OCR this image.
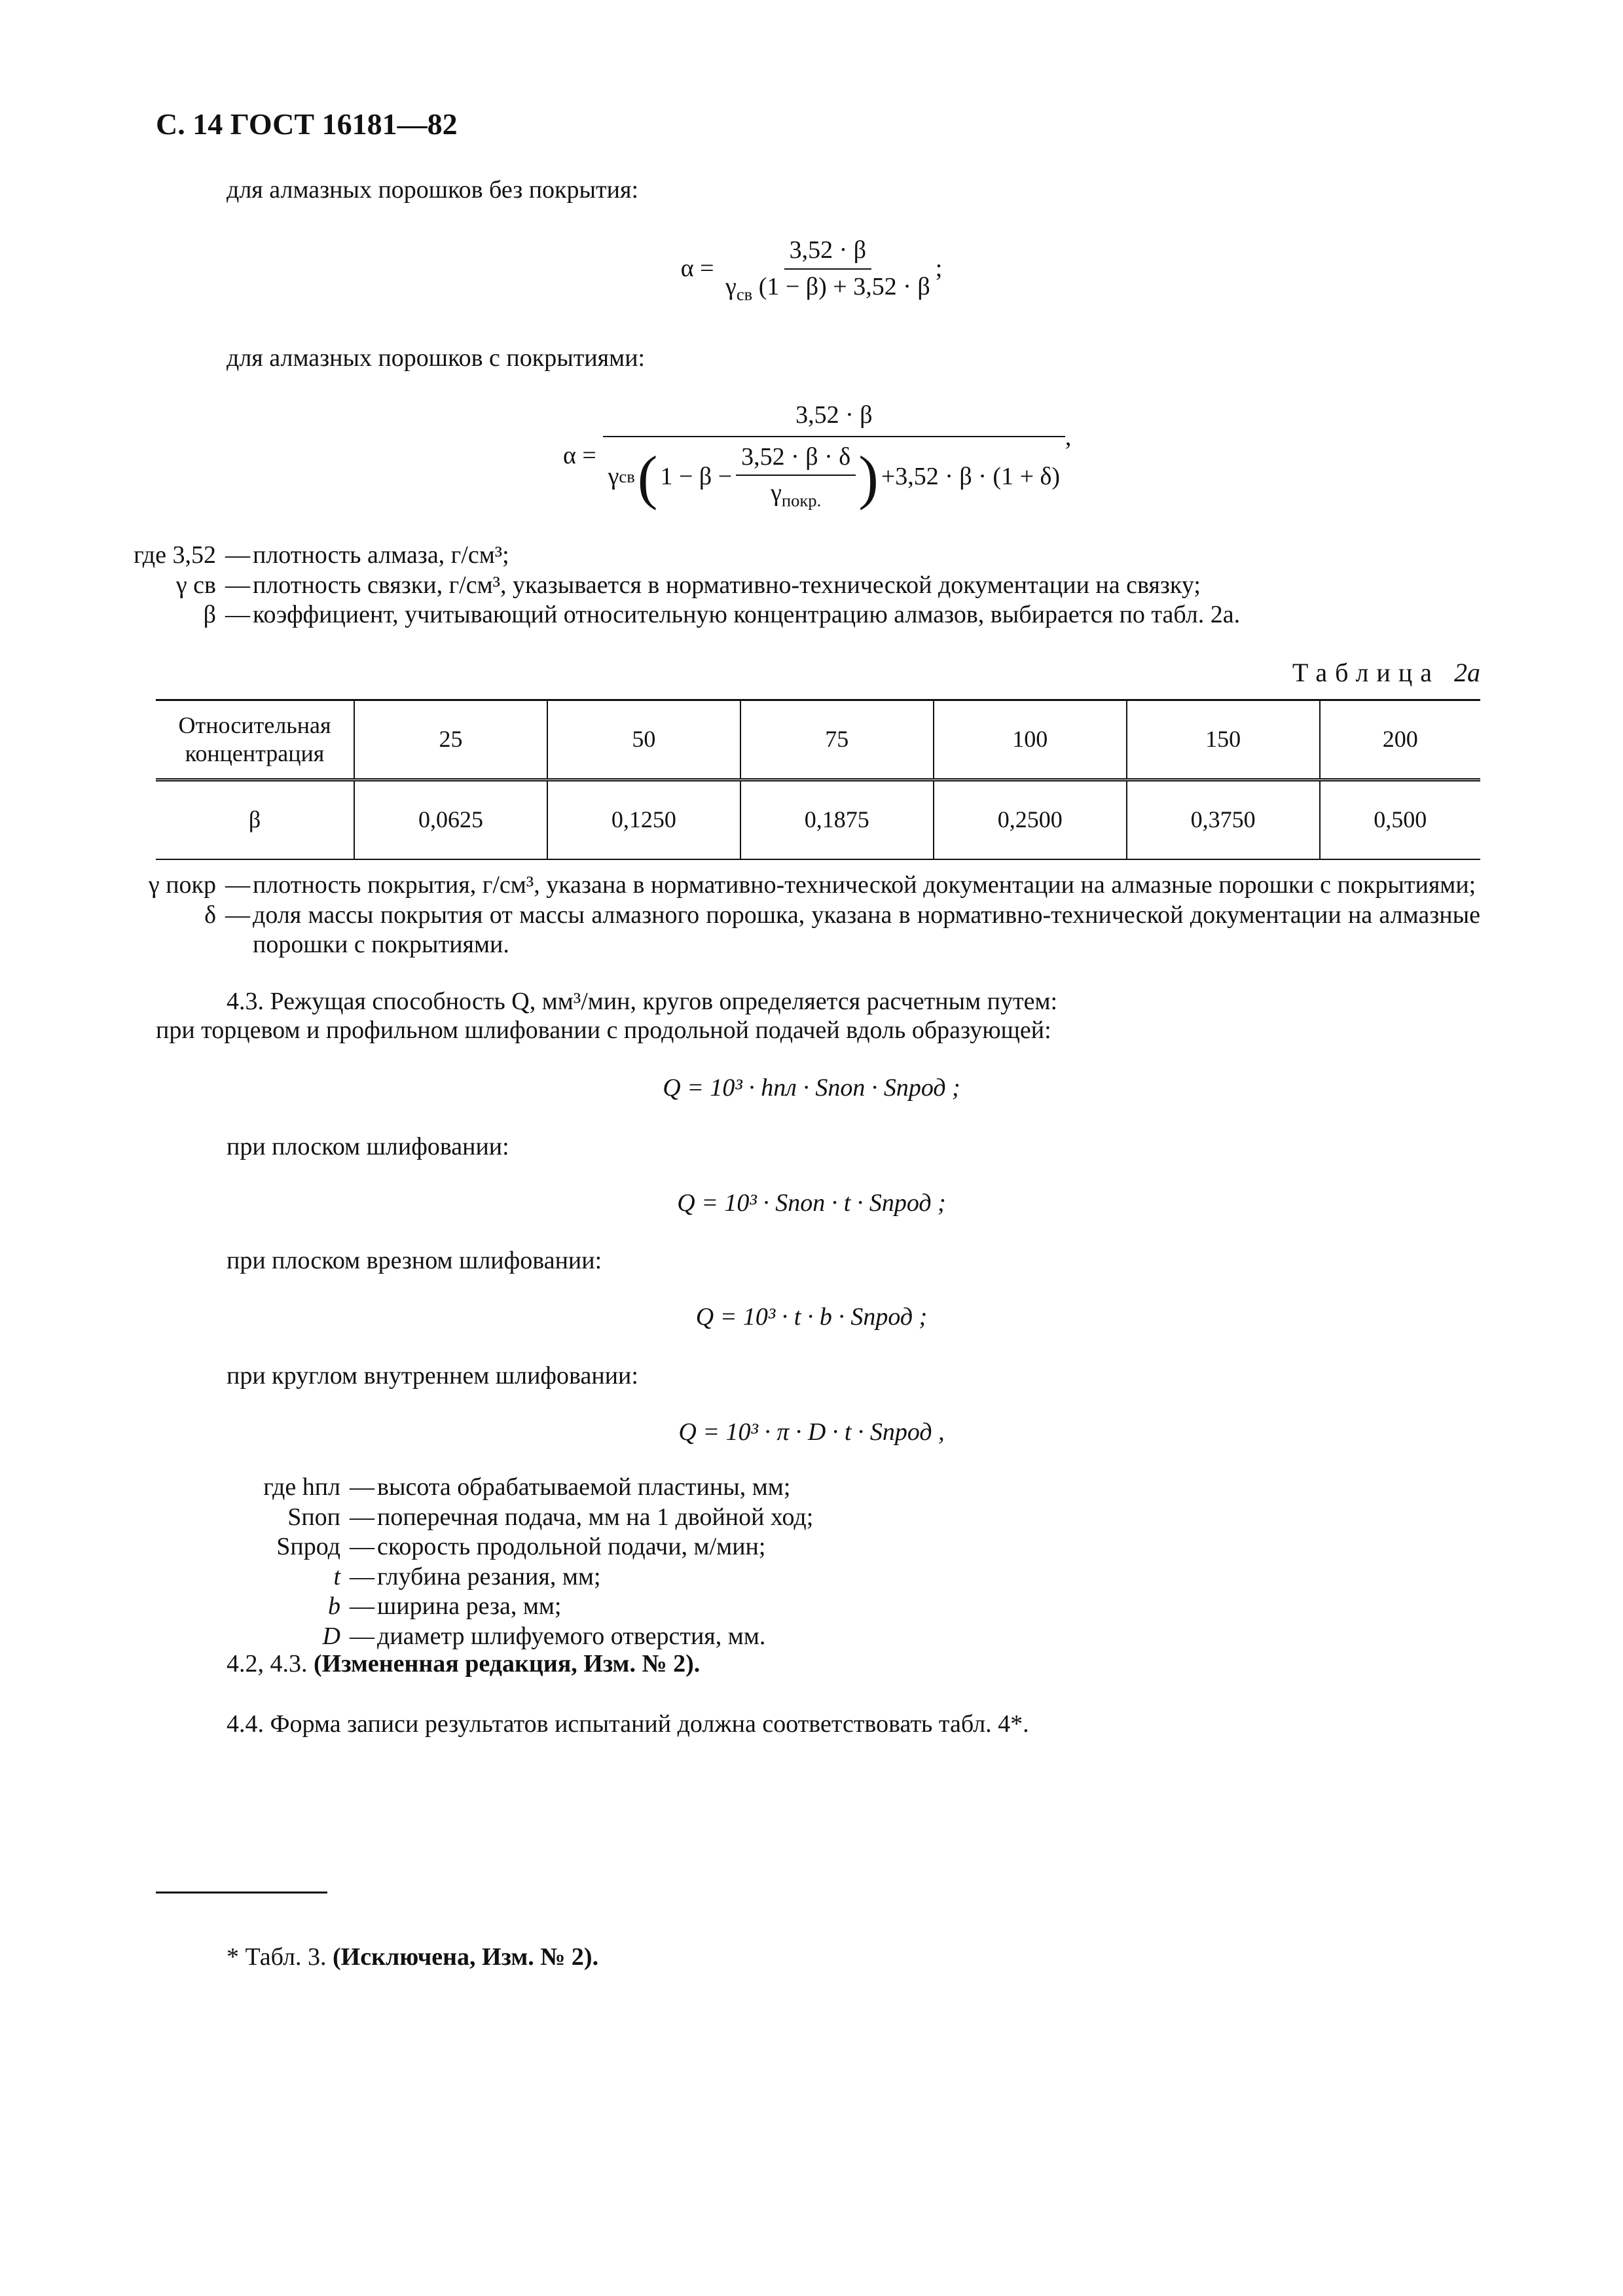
С. 14 ГОСТ 16181—82
для алмазных порошков без покрытия:
$\alpha = \frac{3,52 \cdot \beta}{\gamma_{св} (1 - \beta) + 3,52 \cdot \beta}$ ;
для алмазных порошков с покрытиями:
α =
3,52 · β
γ св ( $1 - \beta - \frac{3,52 \cdot \beta \cdot \delta}{\gamma_{покр.}}$ ) +3,52 · β · (1 + δ)
,
где 3,52 — плотность алмаза, г/см³;
γ св — плотность связки, г/см³, указывается в нормативно-технической документации на связку;
β — коэффициент, учитывающий относительную концентрацию алмазов, выбирается по табл. 2а.
Таблица 2а
Относительная концентрация	25	50	75	100	150	200
β	0,0625	0,1250	0,1875	0,2500	0,3750	0,500
γ покр — плотность покрытия, г/см³, указана в нормативно-технической документации на алмазные порошки с покрытиями;
δ — доля массы покрытия от массы алмазного порошка, указана в нормативно-технической документации на алмазные порошки с покрытиями.
4.3. Режущая способность Q, мм³/мин, кругов определяется расчетным путем:
при торцевом и профильном шлифовании с продольной подачей вдоль образующей:
Q = 10³ · hпл · Sпоп · Sпрод ;
при плоском шлифовании:
Q = 10³ · Sпоп · t · Sпрод ;
при плоском врезном шлифовании:
Q = 10³ · t · b · Sпрод ;
при круглом внутреннем шлифовании:
Q = 10³ · π · D · t · Sпрод ,
где hпл — высота обрабатываемой пластины, мм;
Sпоп — поперечная подача, мм на 1 двойной ход;
Sпрод — скорость продольной подачи, м/мин;
t — глубина резания, мм;
b — ширина реза, мм;
D — диаметр шлифуемого отверстия, мм.
4.2, 4.3. (Измененная редакция, Изм. № 2).
4.4. Форма записи результатов испытаний должна соответствовать табл. 4*.
* Табл. 3. (Исключена, Изм. № 2).
